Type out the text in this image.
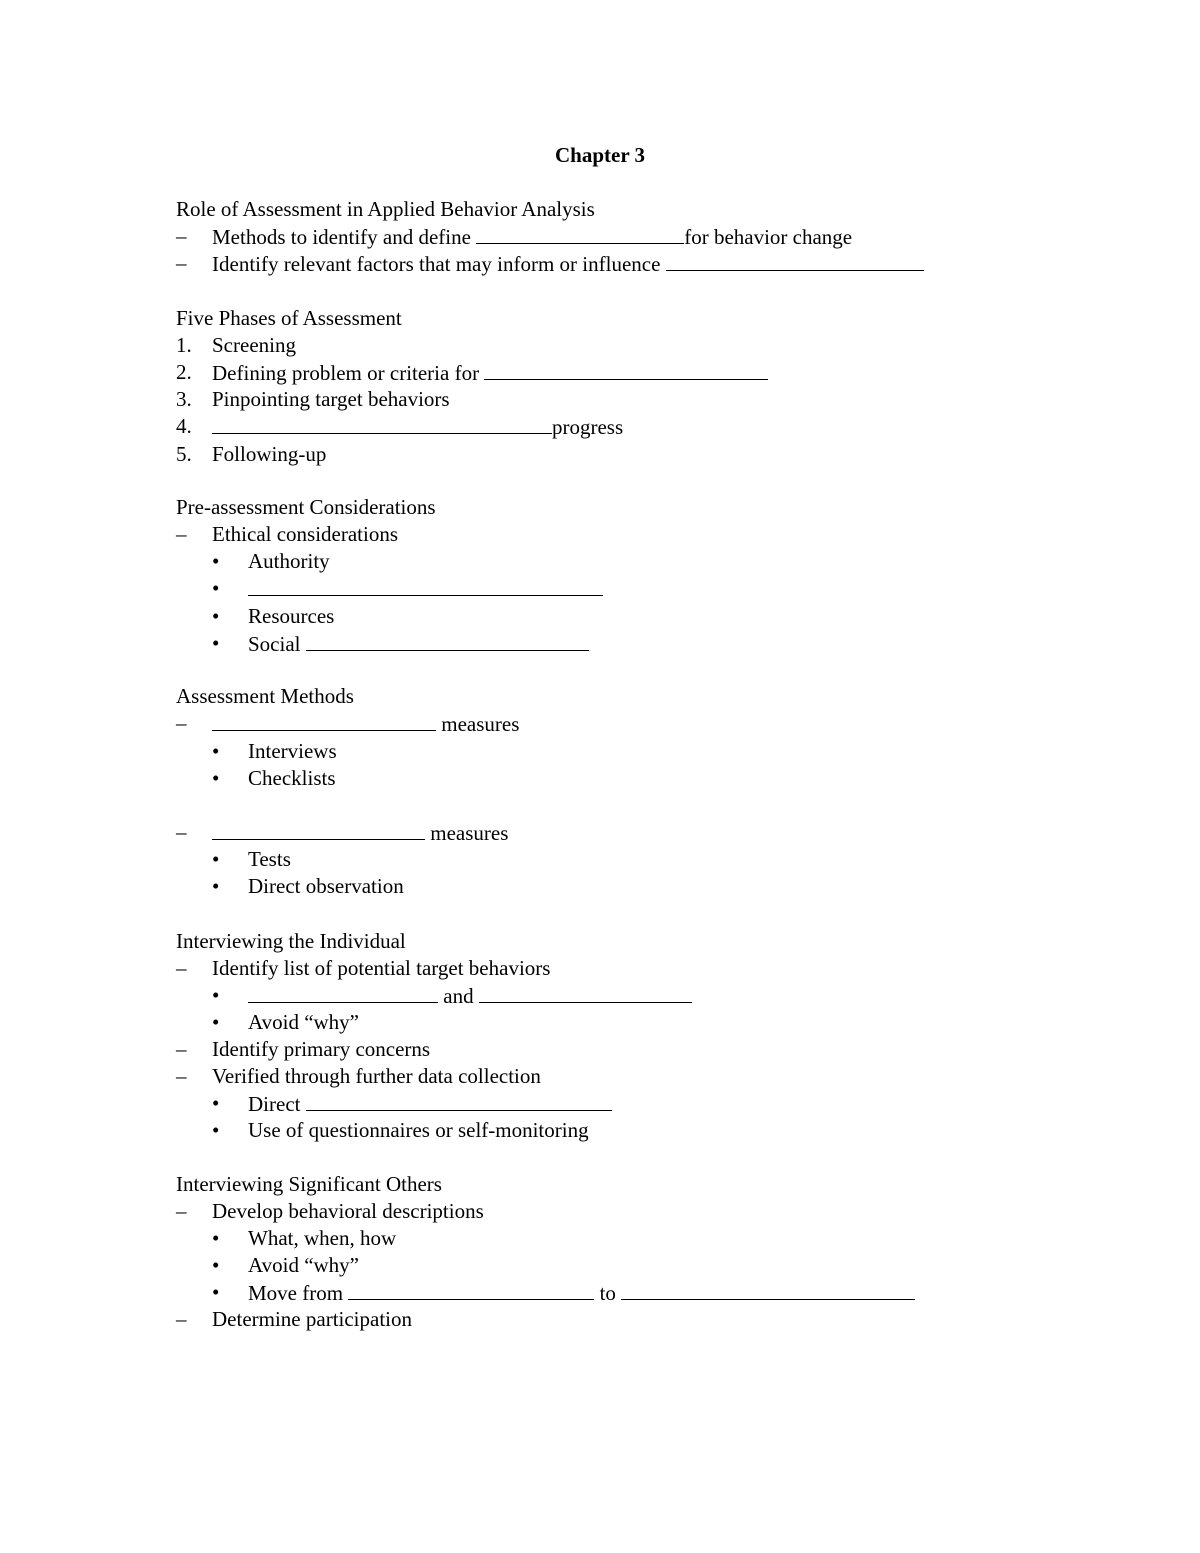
Chapter 3
Role of Assessment in Applied Behavior Analysis
– Methods to identify and define	for behavior change
– Identify relevant factors that may inform or influence
Five Phases of Assessment
1. Screening
2. Defining problem or criteria for
3. Pinpointing target behaviors
4.	progress
5. Following-up
Pre-assessment Considerations
– Ethical considerations
• Authority
•
• Resources
• Social
Assessment Methods
–	measures
• Interviews
• Checklists
–	measures
• Tests
• Direct observation
Interviewing the Individual
– Identify list of potential target behaviors
•	and
• Avoid “why”
– Identify primary concerns
– Verified through further data collection
• Direct
• Use of questionnaires or self-monitoring
Interviewing Significant Others
– Develop behavioral descriptions
• What, when, how
• Avoid “why”
• Move from	to
– Determine participation
